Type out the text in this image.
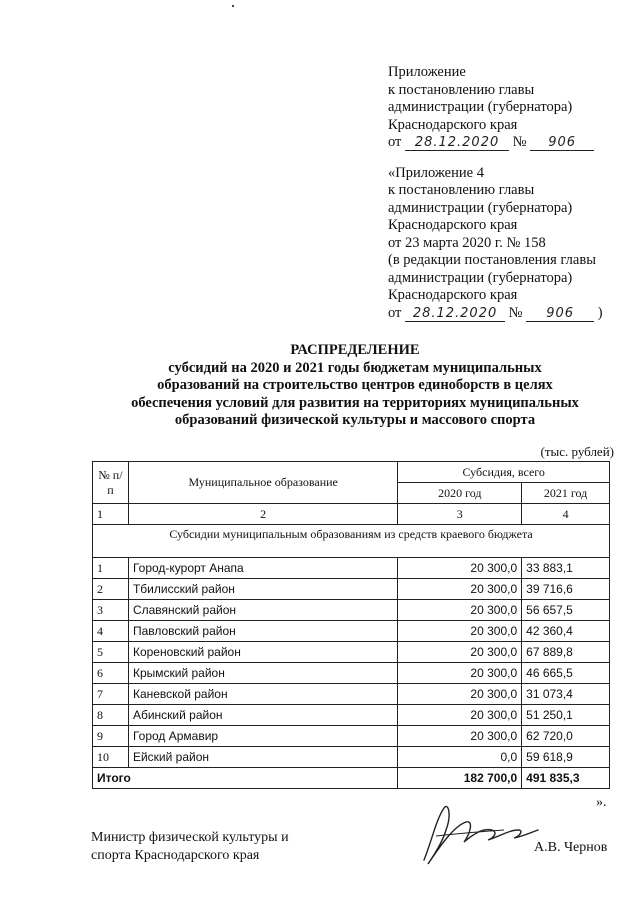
Приложение
к постановлению главы
администрации (губернатора)
Краснодарского края
от 28.12.2020 № 906
«Приложение 4
к постановлению главы
администрации (губернатора)
Краснодарского края
от 23 марта 2020 г. № 158
(в редакции постановления главы
администрации (губернатора)
Краснодарского края
от 28.12.2020 № 906 )
РАСПРЕДЕЛЕНИЕ
субсидий на 2020 и 2021 годы бюджетам муниципальных
образований на строительство центров единоборств в целях
обеспечения условий для развития на территориях муниципальных
образований физической культуры и массового спорта
(тыс. рублей)
№ п/п	Муниципальное образование	Субсидия, всего	
		2020 год	2021 год
1	2	3	4
Субсидии муниципальным образованиям из средств краевого бюджета			
1	Город-курорт Анапа	20 300,0	33 883,1
2	Тбилисский район	20 300,0	39 716,6
3	Славянский район	20 300,0	56 657,5
4	Павловский район	20 300,0	42 360,4
5	Кореновский район	20 300,0	67 889,8
6	Крымский район	20 300,0	46 665,5
7	Каневской район	20 300,0	31 073,4
8	Абинский район	20 300,0	51 250,1
9	Город Армавир	20 300,0	62 720,0
10	Ейский район	0,0	59 618,9
Итого		182 700,0	491 835,3
».
Министр физической культуры и
спорта Краснодарского края	А.В. Чернов
